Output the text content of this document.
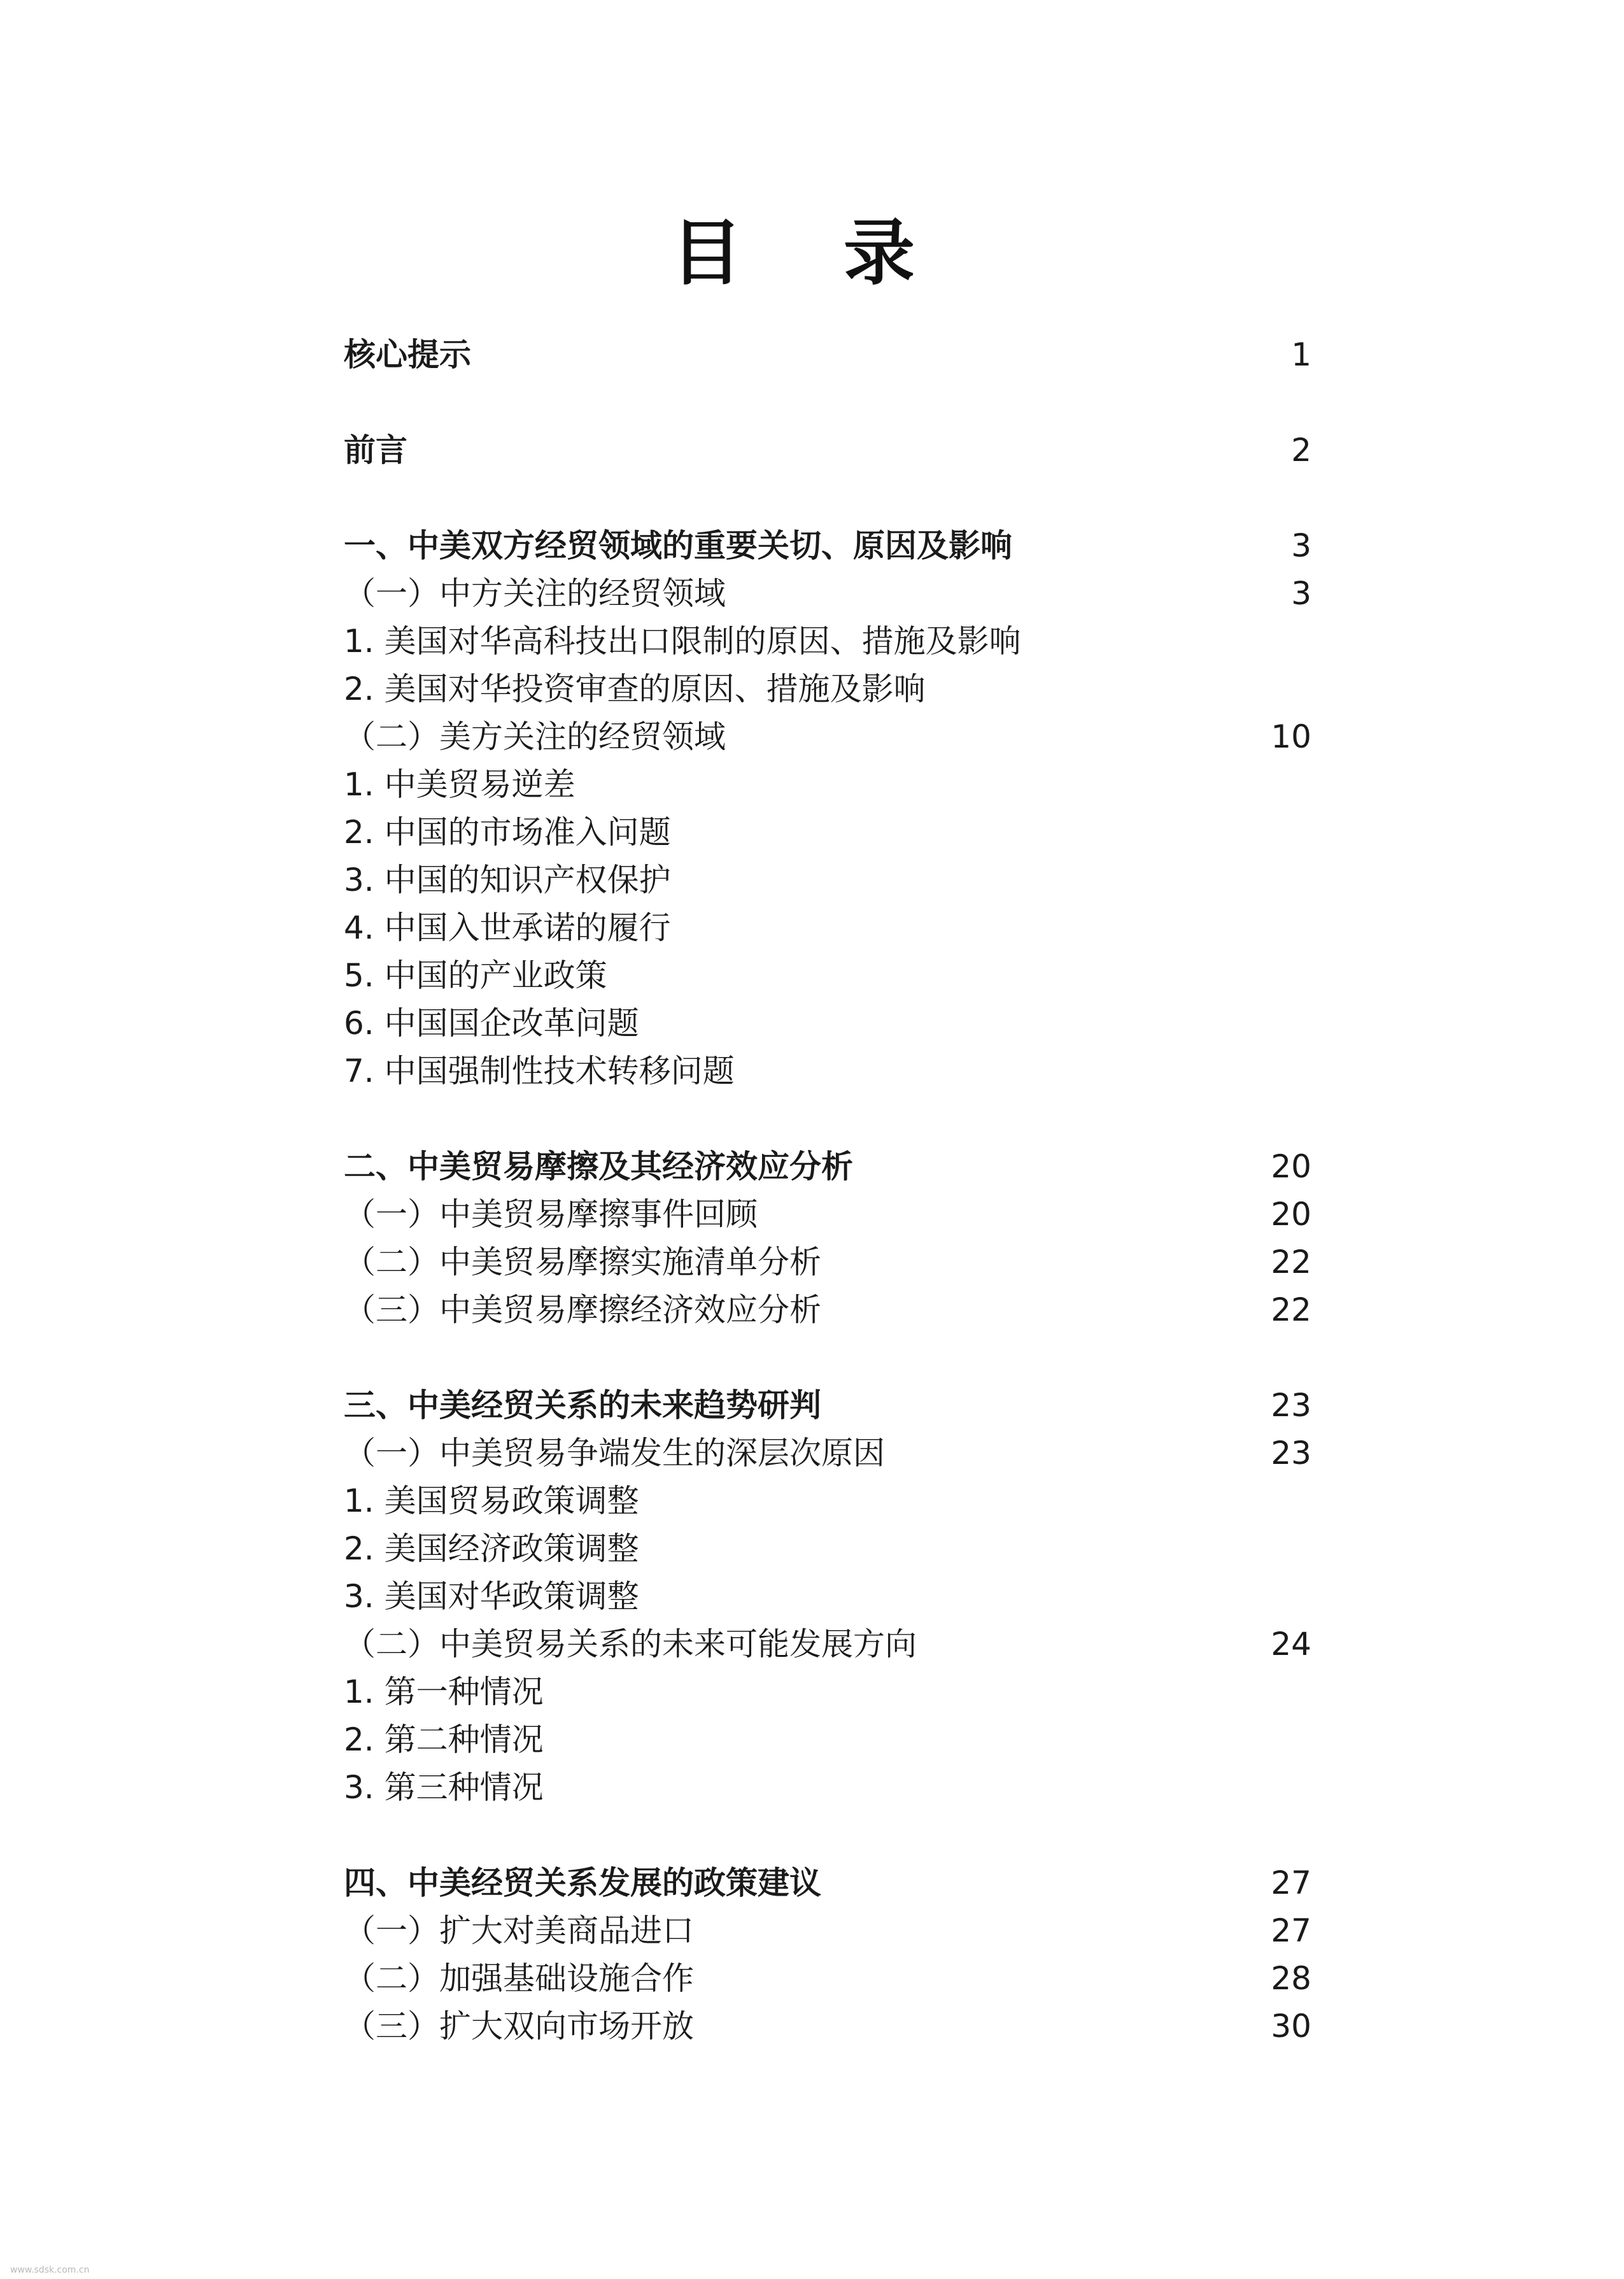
目 录
核心提示	1
前言	2
一、中美双方经贸领域的重要关切、原因及影响	3
（一）中方关注的经贸领域	3
1. 美国对华高科技出口限制的原因、措施及影响
2. 美国对华投资审查的原因、措施及影响
（二）美方关注的经贸领域	10
1. 中美贸易逆差
2. 中国的市场准入问题
3. 中国的知识产权保护
4. 中国入世承诺的履行
5. 中国的产业政策
6. 中国国企改革问题
7. 中国强制性技术转移问题
二、中美贸易摩擦及其经济效应分析	20
（一）中美贸易摩擦事件回顾	20
（二）中美贸易摩擦实施清单分析	22
（三）中美贸易摩擦经济效应分析	22
三、中美经贸关系的未来趋势研判	23
（一）中美贸易争端发生的深层次原因	23
1. 美国贸易政策调整
2. 美国经济政策调整
3. 美国对华政策调整
（二）中美贸易关系的未来可能发展方向	24
1. 第一种情况
2. 第二种情况
3. 第三种情况
四、中美经贸关系发展的政策建议	27
（一）扩大对美商品进口	27
（二）加强基础设施合作	28
（三）扩大双向市场开放	30
www.sdsk.com.cn
